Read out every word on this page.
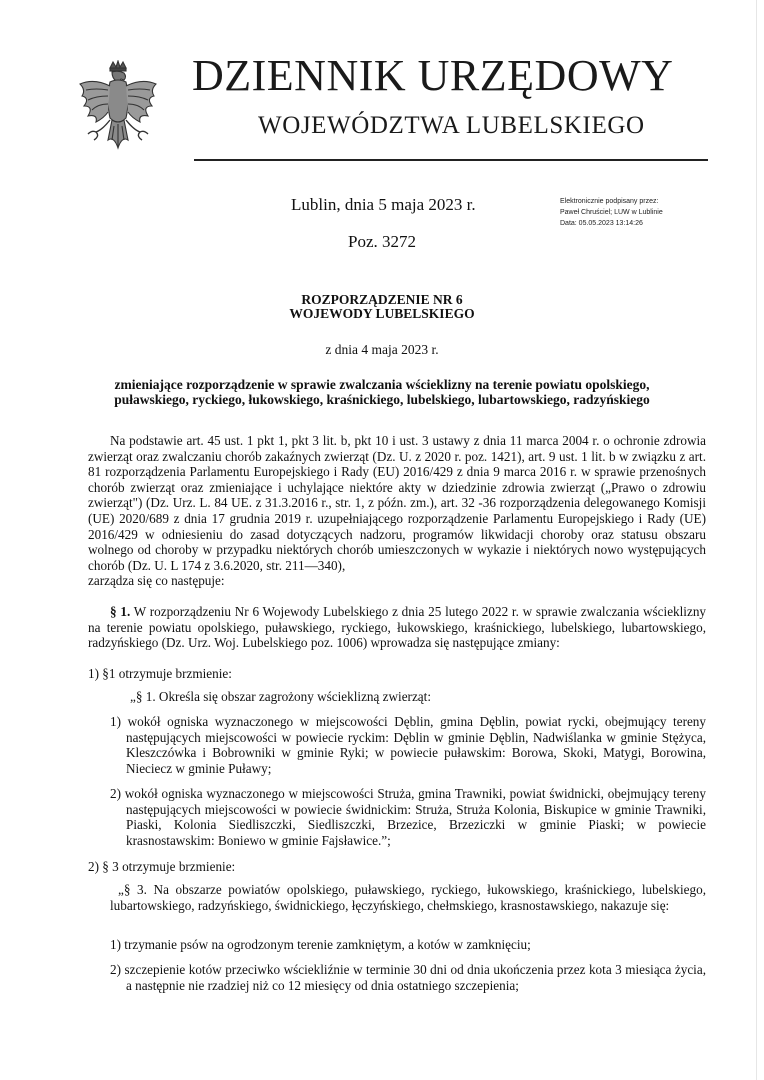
DZIENNIK URZĘDOWY
WOJEWÓDZTWA LUBELSKIEGO
Lublin, dnia 5 maja 2023 r.
Poz. 3272
Elektronicznie podpisany przez:
Paweł Chruściel; LUW w Lublinie
Data: 05.05.2023 13:14:26
ROZPORZĄDZENIE NR 6
WOJEWODY LUBELSKIEGO
z dnia 4 maja 2023 r.
zmieniające rozporządzenie w sprawie zwalczania wścieklizny na terenie powiatu opolskiego,
puławskiego, ryckiego, łukowskiego, kraśnickiego, lubelskiego, lubartowskiego, radzyńskiego
Na podstawie art. 45 ust. 1 pkt 1, pkt 3 lit. b, pkt 10 i ust. 3 ustawy z dnia 11 marca 2004 r. o ochronie zdrowia zwierząt oraz zwalczaniu chorób zakaźnych zwierząt (Dz. U. z 2020 r. poz. 1421), art. 9 ust. 1 lit. b w związku z art. 81 rozporządzenia Parlamentu Europejskiego i Rady (EU) 2016/429 z dnia 9 marca 2016 r. w sprawie przenośnych chorób zwierząt oraz zmieniające i uchylające niektóre akty w dziedzinie zdrowia zwierząt („Prawo o zdrowiu zwierząt") (Dz. Urz. L. 84 UE. z 31.3.2016 r., str. 1, z późn. zm.), art. 32 -36 rozporządzenia delegowanego Komisji (UE) 2020/689 z dnia 17 grudnia 2019 r. uzupełniającego rozporządzenie Parlamentu Europejskiego i Rady (UE) 2016/429 w odniesieniu do zasad dotyczących nadzoru, programów likwidacji choroby oraz statusu obszaru wolnego od choroby w przypadku niektórych chorób umieszczonych w wykazie i niektórych nowo występujących chorób (Dz. U. L 174 z 3.6.2020, str. 211—340),
zarządza się co następuje:
§ 1. W rozporządzeniu Nr 6 Wojewody Lubelskiego z dnia 25 lutego 2022 r. w sprawie zwalczania wścieklizny na terenie powiatu opolskiego, puławskiego, ryckiego, łukowskiego, kraśnickiego, lubelskiego, lubartowskiego, radzyńskiego (Dz. Urz. Woj. Lubelskiego poz. 1006) wprowadza się następujące zmiany:
1) §1 otrzymuje brzmienie:
„§ 1. Określa się obszar zagrożony wścieklizną zwierząt:
1) wokół ogniska wyznaczonego w miejscowości Dęblin, gmina Dęblin, powiat rycki, obejmujący tereny następujących miejscowości w powiecie ryckim: Dęblin w gminie Dęblin, Nadwiślanka w gminie Stężyca, Kleszczówka i Bobrowniki w gminie Ryki; w powiecie puławskim: Borowa, Skoki, Matygi, Borowina, Nieciecz w gminie Puławy;
2) wokół ogniska wyznaczonego w miejscowości Struża, gmina Trawniki, powiat świdnicki, obejmujący tereny następujących miejscowości w powiecie świdnickim: Struża, Struża Kolonia, Biskupice w gminie Trawniki, Piaski, Kolonia Siedliszczki, Siedliszczki, Brzezice, Brzeziczki w gminie Piaski; w powiecie krasnostawskim: Boniewo w gminie Fajsławice.”;
2) § 3 otrzymuje brzmienie:
„§ 3. Na obszarze powiatów opolskiego, puławskiego, ryckiego, łukowskiego, kraśnickiego, lubelskiego, lubartowskiego, radzyńskiego, świdnickiego, łęczyńskiego, chełmskiego, krasnostawskiego, nakazuje się:
1) trzymanie psów na ogrodzonym terenie zamkniętym, a kotów w zamknięciu;
2) szczepienie kotów przeciwko wściekliźnie w terminie 30 dni od dnia ukończenia przez kota 3 miesiąca życia, a następnie nie rzadziej niż co 12 miesięcy od dnia ostatniego szczepienia;
